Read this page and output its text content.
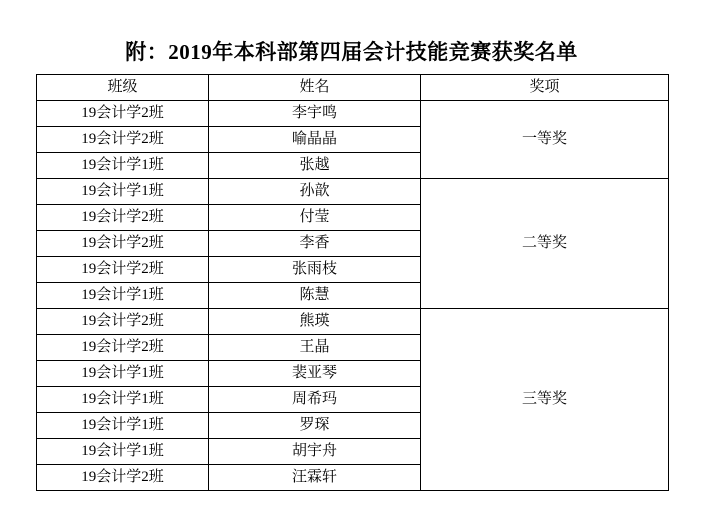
附：2019年本科部第四届会计技能竞赛获奖名单
班级	姓名	奖项
19会计学2班	李宇鸣	一等奖
19会计学2班	喻晶晶	
19会计学1班	张越	
19会计学1班	孙歆	二等奖
19会计学2班	付莹	
19会计学2班	李香	
19会计学2班	张雨枝	
19会计学1班	陈慧	
19会计学2班	熊瑛	三等奖
19会计学2班	王晶	
19会计学1班	裴亚琴	
19会计学1班	周希玛	
19会计学1班	罗琛	
19会计学1班	胡宇舟	
19会计学2班	汪霖轩	
